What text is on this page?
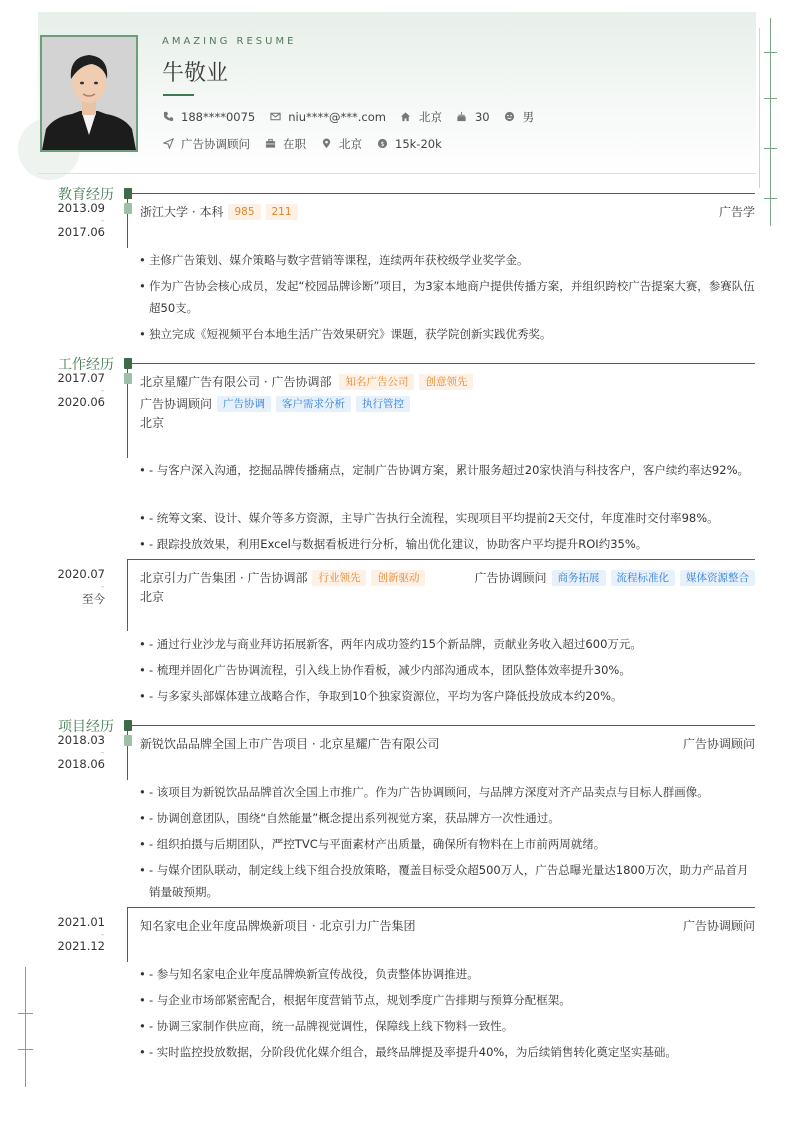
AMAZING RESUME
牛敬业
188****0075	niu****@***.com	北京	30	男
广告协调顾问	在职	北京	$ 15k-20k
教育经历
2013.09
-
2017.06
浙江大学 · 本科	985	211	广告学
• 主修广告策划、媒介策略与数字营销等课程，连续两年获校级学业奖学金。
• 作为广告协会核心成员，发起“校园品牌诊断”项目，为3家本地商户提供传播方案，并组织跨校广告提案大赛，参赛队伍超50支。
• 独立完成《短视频平台本地生活广告效果研究》课题，获学院创新实践优秀奖。
工作经历
2017.07
-
2020.06
北京星耀广告有限公司 · 广告协调部	知名广告公司	创意领先
广告协调顾问	广告协调	客户需求分析	执行管控
北京
• - 与客户深入沟通，挖掘品牌传播痛点，定制广告协调方案，累计服务超过20家快消与科技客户，客户续约率达92%。
• - 统筹文案、设计、媒介等多方资源，主导广告执行全流程，实现项目平均提前2天交付，年度准时交付率98%。
• - 跟踪投放效果，利用Excel与数据看板进行分析，输出优化建议，协助客户平均提升ROI约35%。
2020.07
-
至今
北京引力广告集团 · 广告协调部	行业领先	创新驱动	广告协调顾问	商务拓展	流程标准化	媒体资源整合
北京
• - 通过行业沙龙与商业拜访拓展新客，两年内成功签约15个新品牌，贡献业务收入超过600万元。
• - 梳理并固化广告协调流程，引入线上协作看板，减少内部沟通成本，团队整体效率提升30%。
• - 与多家头部媒体建立战略合作，争取到10个独家资源位，平均为客户降低投放成本约20%。
项目经历
2018.03
-
2018.06
新锐饮品品牌全国上市广告项目 · 北京星耀广告有限公司	广告协调顾问
• - 该项目为新锐饮品品牌首次全国上市推广。作为广告协调顾问，与品牌方深度对齐产品卖点与目标人群画像。
• - 协调创意团队，围绕“自然能量”概念提出系列视觉方案，获品牌方一次性通过。
• - 组织拍摄与后期团队，严控TVC与平面素材产出质量，确保所有物料在上市前两周就绪。
• - 与媒介团队联动，制定线上线下组合投放策略，覆盖目标受众超500万人，广告总曝光量达1800万次，助力产品首月销量破预期。
2021.01
-
2021.12
知名家电企业年度品牌焕新项目 · 北京引力广告集团	广告协调顾问
• - 参与知名家电企业年度品牌焕新宣传战役，负责整体协调推进。
• - 与企业市场部紧密配合，根据年度营销节点，规划季度广告排期与预算分配框架。
• - 协调三家制作供应商，统一品牌视觉调性，保障线上线下物料一致性。
• - 实时监控投放数据，分阶段优化媒介组合，最终品牌提及率提升40%，为后续销售转化奠定坚实基础。
